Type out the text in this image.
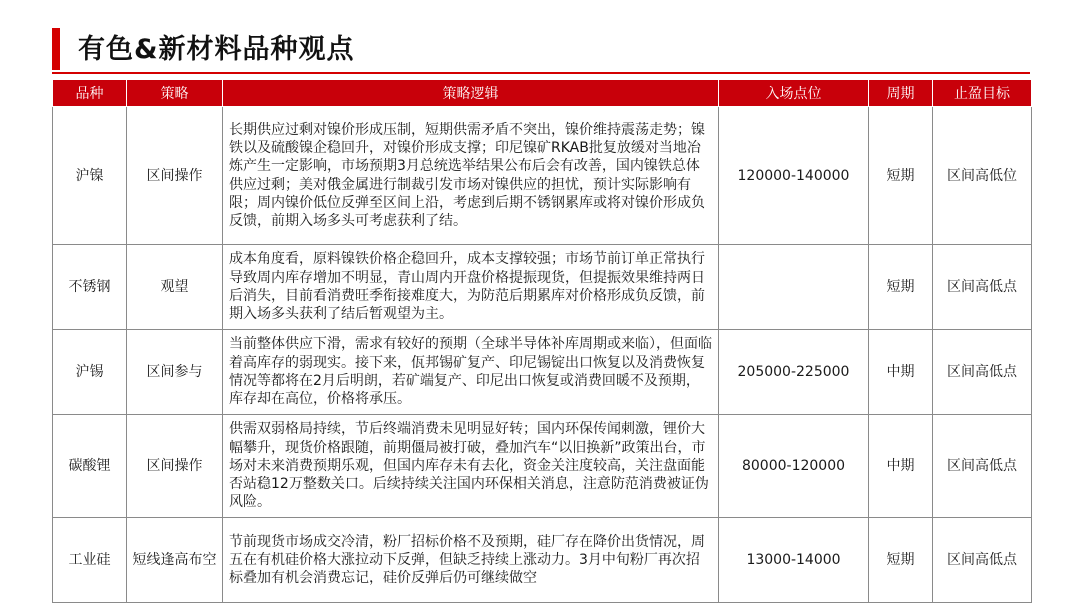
有色&新材料品种观点
品种	策略	策略逻辑	入场点位	周期	止盈目标
沪镍	区间操作	长期供应过剩对镍价形成压制，短期供需矛盾不突出，镍价维持震荡走势；镍铁以及硫酸镍企稳回升，对镍价形成支撑；印尼镍矿RKAB批复放缓对当地冶炼产生一定影响，市场预期3月总统选举结果公布后会有改善，国内镍铁总体供应过剩；美对俄金属进行制裁引发市场对镍供应的担忧，预计实际影响有限；周内镍价低位反弹至区间上沿，考虑到后期不锈钢累库或将对镍价形成负反馈，前期入场多头可考虑获利了结。	120000-140000	短期	区间高低位
不锈钢	观望	成本角度看，原料镍铁价格企稳回升，成本支撑较强；市场节前订单正常执行导致周内库存增加不明显，青山周内开盘价格提振现货，但提振效果维持两日后消失，目前看消费旺季衔接难度大，为防范后期累库对价格形成负反馈，前期入场多头获利了结后暂观望为主。		短期	区间高低点
沪锡	区间参与	当前整体供应下滑，需求有较好的预期（全球半导体补库周期或来临），但面临着高库存的弱现实。接下来，佤邦锡矿复产、印尼锡锭出口恢复以及消费恢复情况等都将在2月后明朗，若矿端复产、印尼出口恢复或消费回暖不及预期，库存却在高位，价格将承压。	205000-225000	中期	区间高低点
碳酸锂	区间操作	供需双弱格局持续，节后终端消费未见明显好转；国内环保传闻刺激，锂价大幅攀升，现货价格跟随，前期僵局被打破，叠加汽车“以旧换新”政策出台，市场对未来消费预期乐观，但国内库存未有去化，资金关注度较高，关注盘面能否站稳12万整数关口。后续持续关注国内环保相关消息，注意防范消费被证伪风险。	80000-120000	中期	区间高低点
工业硅	短线逢高布空	节前现货市场成交冷清，粉厂招标价格不及预期，硅厂存在降价出货情况，周五在有机硅价格大涨拉动下反弹，但缺乏持续上涨动力。3月中旬粉厂再次招标叠加有机会消费忘记，硅价反弹后仍可继续做空	13000-14000	短期	区间高低点
